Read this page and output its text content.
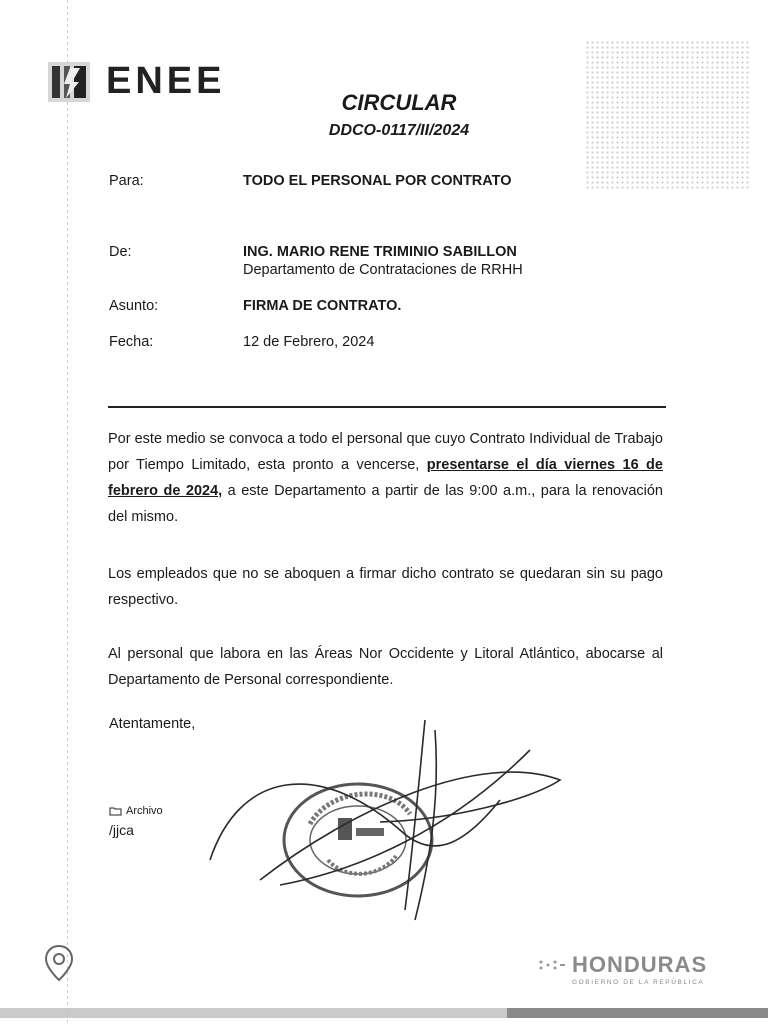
ENEE
CIRCULAR
DDCO-0117/II/2024
Para:	TODO EL PERSONAL POR CONTRATO
De:	ING. MARIO RENE TRIMINIO SABILLON
Departamento de Contrataciones de RRHH
Asunto:	FIRMA DE CONTRATO.
Fecha:	12 de Febrero, 2024
Por este medio se convoca a todo el personal que cuyo Contrato Individual de Trabajo por Tiempo Limitado, esta pronto a vencerse, presentarse el día viernes 16 de febrero de 2024, a este Departamento a partir de las 9:00 a.m., para la renovación del mismo.
Los empleados que no se aboquen a firmar dicho contrato se quedaran sin su pago respectivo.
Al personal que labora en las Áreas Nor Occidente y Litoral Atlántico, abocarse al Departamento de Personal correspondiente.
Atentamente,
Archivo
/jjca
HONDURAS
GOBIERNO DE LA REPÚBLICA
